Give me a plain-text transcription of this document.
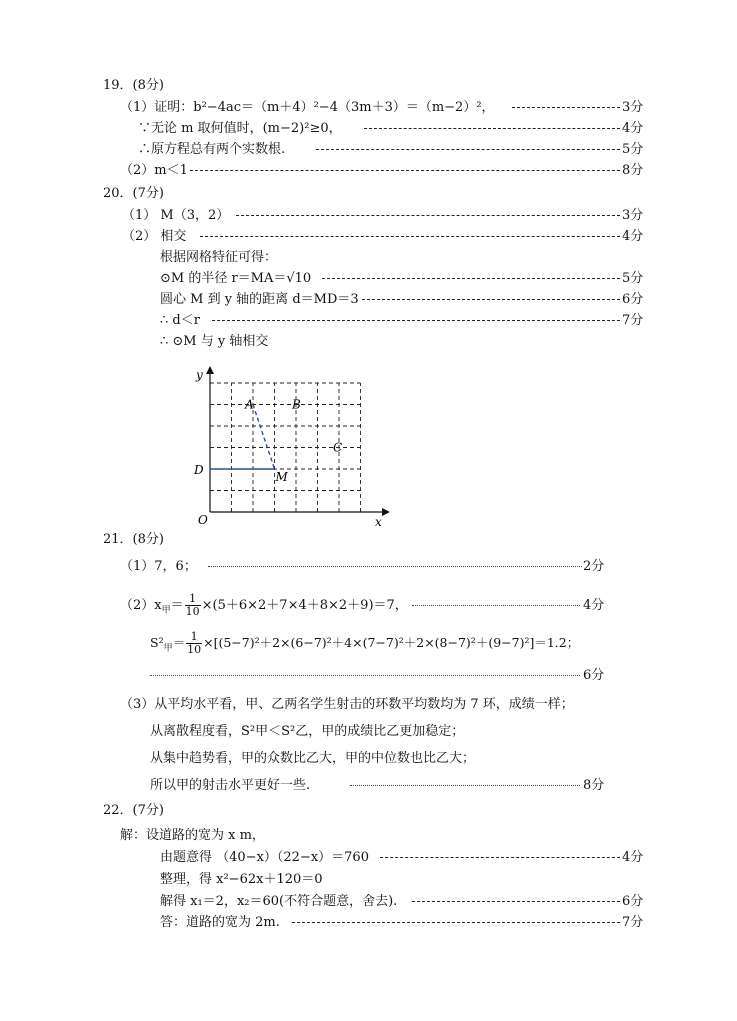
19．(8分)
（1）证明：b²−4ac＝（m＋4）²−4（3m＋3）＝（m−2）²，	3分
∵无论 m 取何值时，(m−2)²≥0，	4分
∴原方程总有两个实数根.	5分
（2）m＜1	8分
20．(7分)
（1） M（3，2）	3分
（2） 相交	4分
根据网格特征可得：
⊙M 的半径 r＝MA＝√10	5分
圆心 M 到 y 轴的距离 d＝MD＝3	6分
∴ d＜r	7分
∴ ⊙M 与 y 轴相交
y
x
O
A	B
C
D	M
21．(8分)
（1）7，6；	2分
$(2)x_甲= \frac{1}{10} \times(5+6\times 2+7\times 4+8\times 2+9)=7$，	4分
$S^2_甲= \frac{1}{10} \times[(5-7)^2+2\times(6-7)^2+4\times(7-7)^2+2\times(8-7)^2+(9-7)^2]=1.2$；
6分
（3）从平均水平看，甲、乙两名学生射击的环数平均数均为 7 环，成绩一样；
从离散程度看，S²甲＜S²乙，甲的成绩比乙更加稳定；
从集中趋势看，甲的众数比乙大，甲的中位数也比乙大；
所以甲的射击水平更好一些.	8分
22．(7分)
解：设道路的宽为 x m，
由题意得 （40−x）（22−x）＝760	4分
整理，得 x²−62x＋120＝0
解得 x₁＝2，x₂＝60(不符合题意，舍去).	6分
答：道路的宽为 2m.	7分
